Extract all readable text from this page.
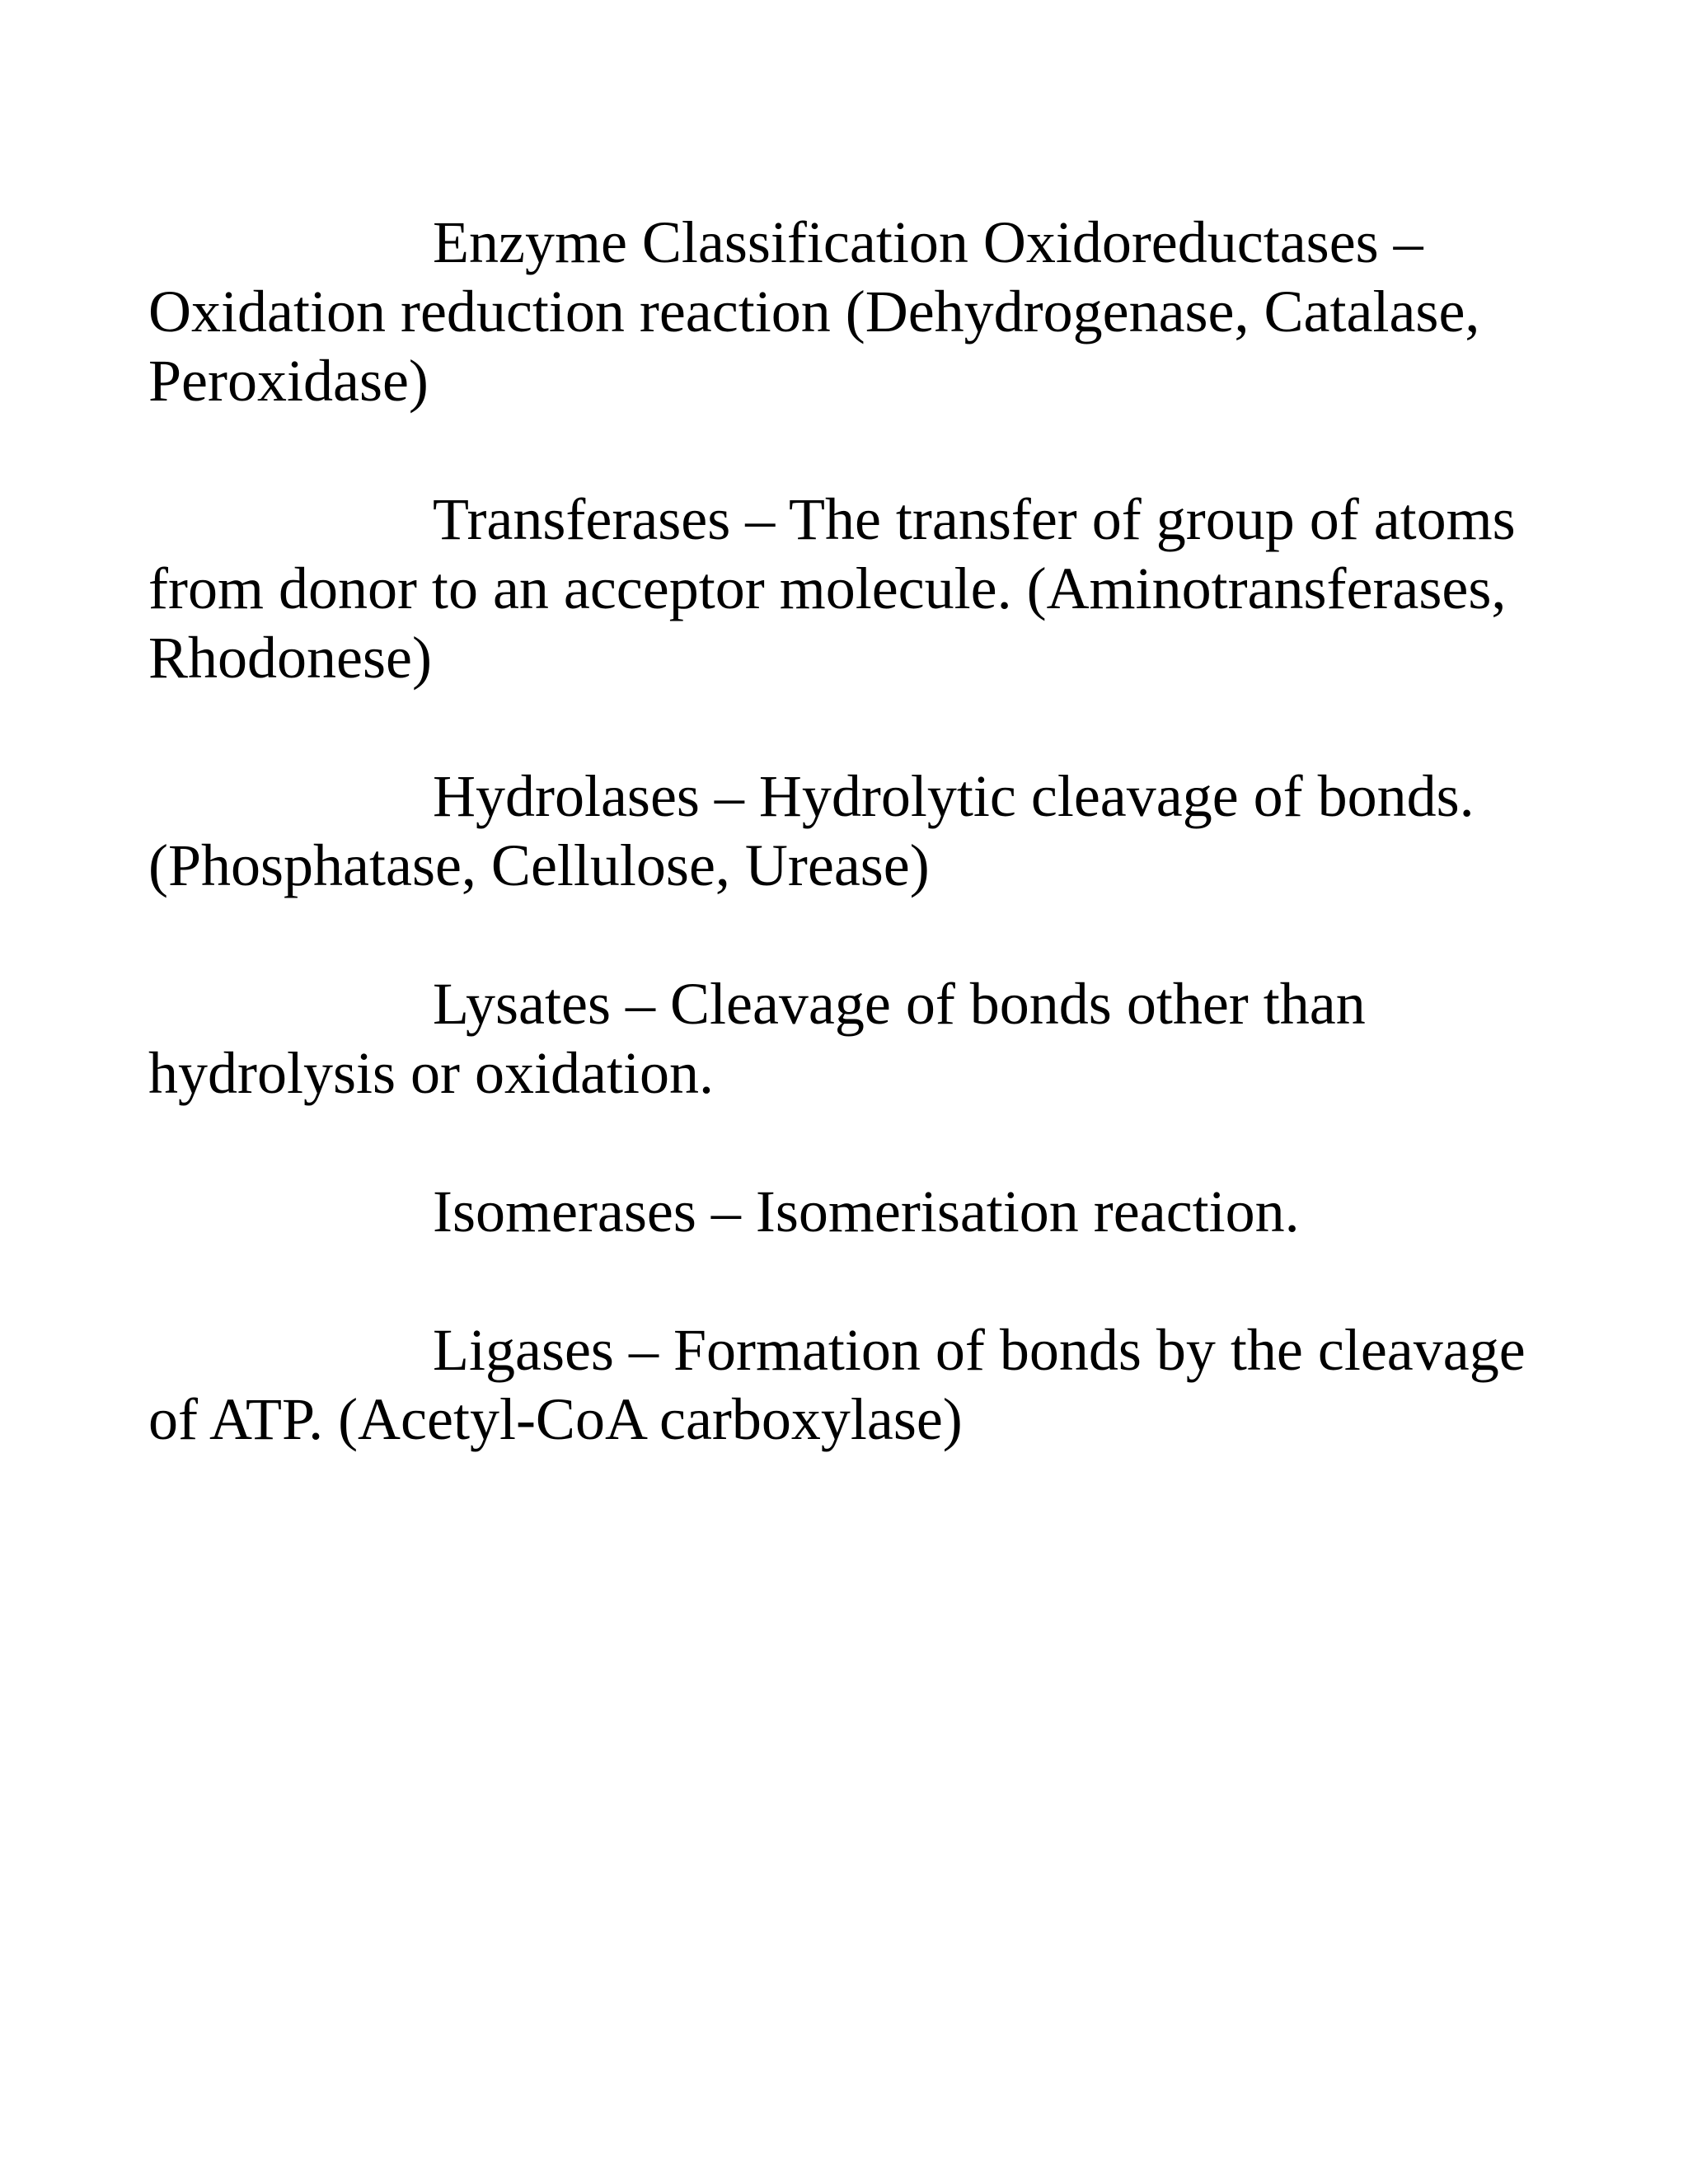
Enzyme Classification Oxidoreductases – Oxidation reduction reaction (Dehydrogenase, Catalase, Peroxidase)

Transferases – The transfer of group of atoms from donor to an acceptor molecule. (Aminotransferases, Rhodonese)

Hydrolases – Hydrolytic cleavage of bonds. (Phosphatase, Cellulose, Urease)

Lysates – Cleavage of bonds other than hydrolysis or oxidation.

Isomerases – Isomerisation reaction.

Ligases – Formation of bonds by the cleavage of ATP. (Acetyl-CoA carboxylase)
